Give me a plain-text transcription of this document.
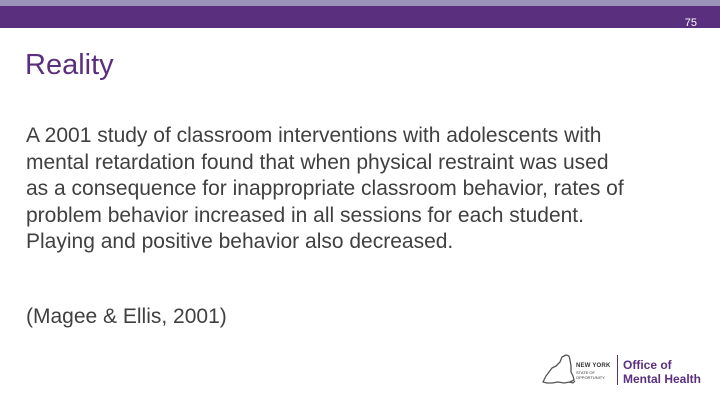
75
Reality
A 2001 study of classroom interventions with adolescents with mental retardation found that when physical restraint was used as a consequence for inappropriate classroom behavior, rates of problem behavior increased in all sessions for each student. Playing and positive behavior also decreased.
(Magee & Ellis, 2001)
NEW YORK
STATE OF OPPORTUNITY.
Office of
Mental Health
